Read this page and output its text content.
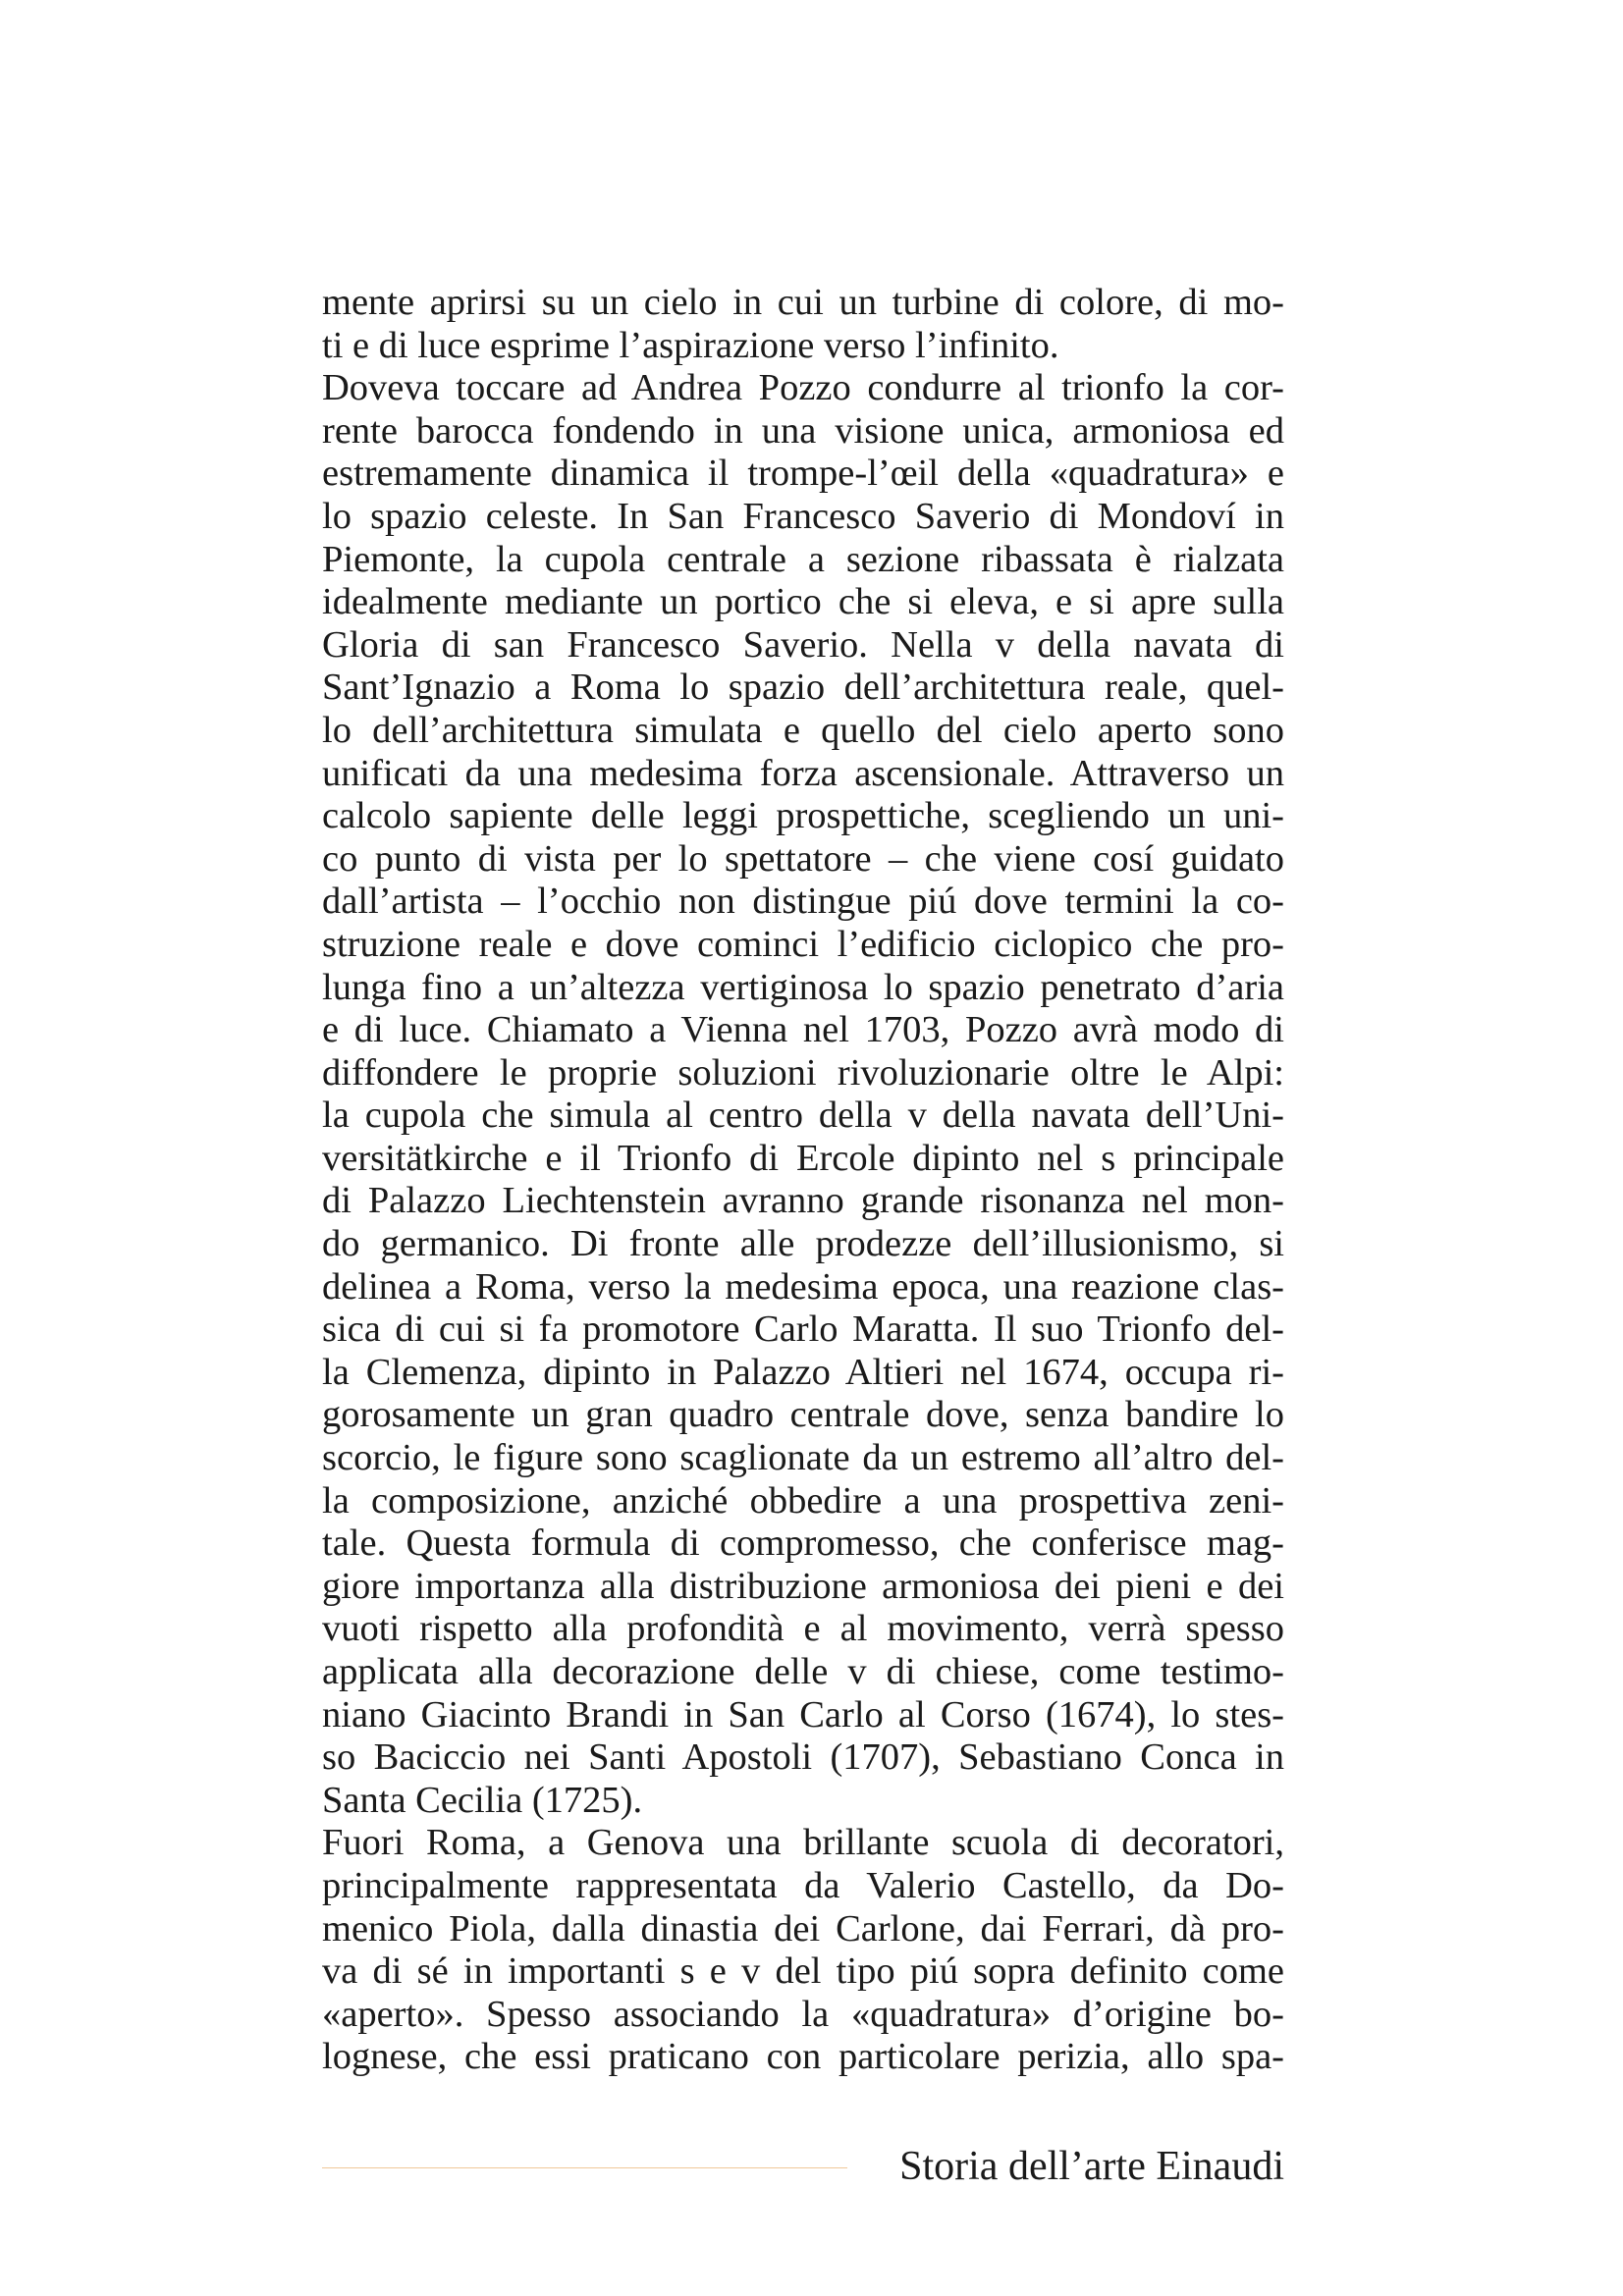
mente aprirsi su un cielo in cui un turbine di colore, di mo-
ti e di luce esprime l’aspirazione verso l’infinito.
Doveva toccare ad Andrea Pozzo condurre al trionfo la cor-
rente barocca fondendo in una visione unica, armoniosa ed
estremamente dinamica il trompe-l’œil della «quadratura» e
lo spazio celeste. In San Francesco Saverio di Mondoví in
Piemonte, la cupola centrale a sezione ribassata è rialzata
idealmente mediante un portico che si eleva, e si apre sulla
Gloria di san Francesco Saverio. Nella v della navata di
Sant’Ignazio a Roma lo spazio dell’architettura reale, quel-
lo dell’architettura simulata e quello del cielo aperto sono
unificati da una medesima forza ascensionale. Attraverso un
calcolo sapiente delle leggi prospettiche, scegliendo un uni-
co punto di vista per lo spettatore – che viene cosí guidato
dall’artista – l’occhio non distingue piú dove termini la co-
struzione reale e dove cominci l’edificio ciclopico che pro-
lunga fino a un’altezza vertiginosa lo spazio penetrato d’aria
e di luce. Chiamato a Vienna nel 1703, Pozzo avrà modo di
diffondere le proprie soluzioni rivoluzionarie oltre le Alpi:
la cupola che simula al centro della v della navata dell’Uni-
versitätkirche e il Trionfo di Ercole dipinto nel s principale
di Palazzo Liechtenstein avranno grande risonanza nel mon-
do germanico. Di fronte alle prodezze dell’illusionismo, si
delinea a Roma, verso la medesima epoca, una reazione clas-
sica di cui si fa promotore Carlo Maratta. Il suo Trionfo del-
la Clemenza, dipinto in Palazzo Altieri nel 1674, occupa ri-
gorosamente un gran quadro centrale dove, senza bandire lo
scorcio, le figure sono scaglionate da un estremo all’altro del-
la composizione, anziché obbedire a una prospettiva zeni-
tale. Questa formula di compromesso, che conferisce mag-
giore importanza alla distribuzione armoniosa dei pieni e dei
vuoti rispetto alla profondità e al movimento, verrà spesso
applicata alla decorazione delle v di chiese, come testimo-
niano Giacinto Brandi in San Carlo al Corso (1674), lo stes-
so Baciccio nei Santi Apostoli (1707), Sebastiano Conca in
Santa Cecilia (1725).
Fuori Roma, a Genova una brillante scuola di decoratori,
principalmente rappresentata da Valerio Castello, da Do-
menico Piola, dalla dinastia dei Carlone, dai Ferrari, dà pro-
va di sé in importanti s e v del tipo piú sopra definito come
«aperto». Spesso associando la «quadratura» d’origine bo-
lognese, che essi praticano con particolare perizia, allo spa-
Storia dell’arte Einaudi
